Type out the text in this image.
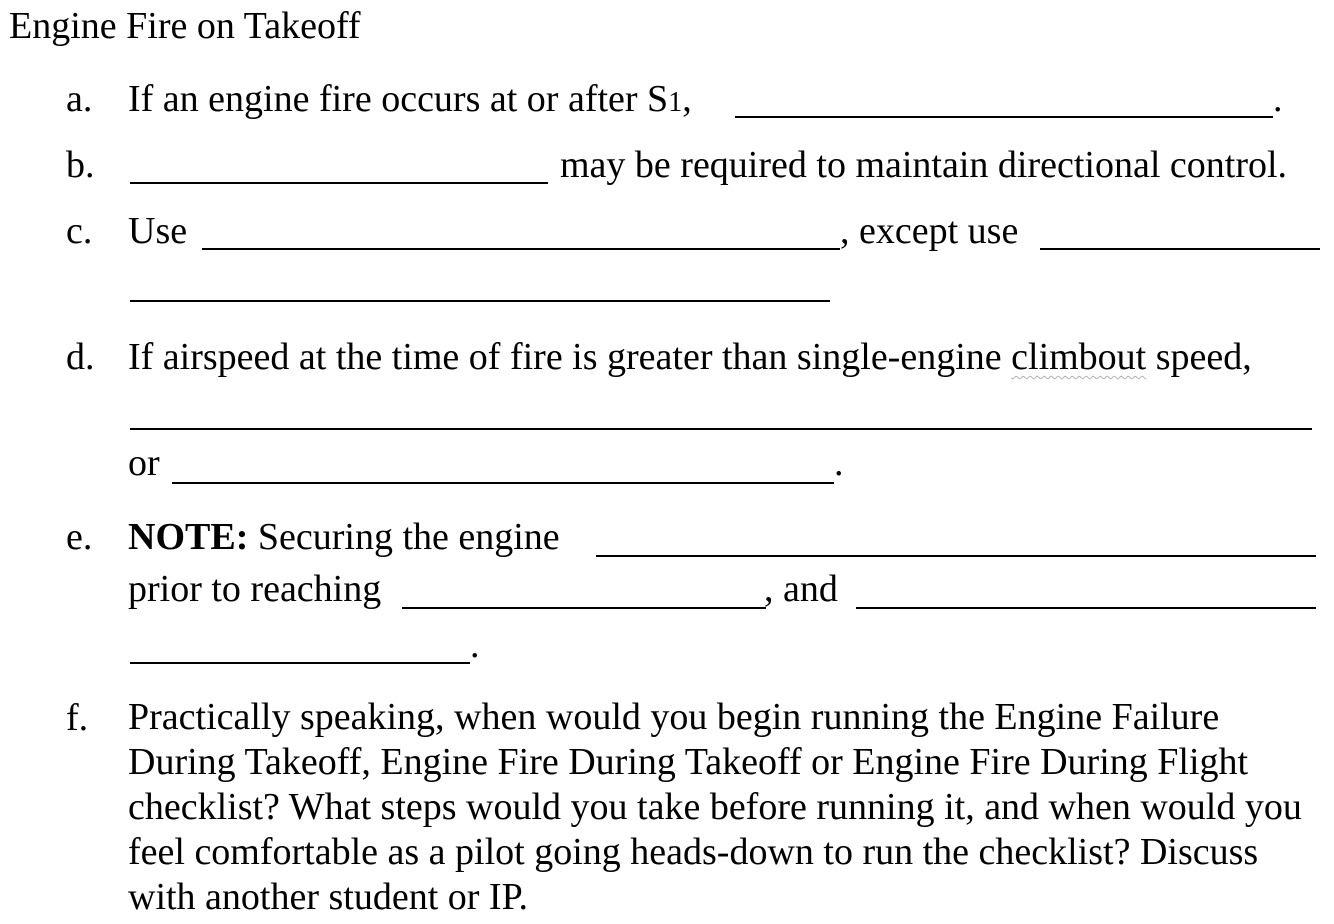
Engine Fire on Takeoff
a. If an engine fire occurs at or after S1,	.
b.	may be required to maintain directional control.
c. Use	, except use
d. If airspeed at the time of fire is greater than single-engine climbout speed,
or	.
e. NOTE: Securing the engine
prior to reaching	, and
.
f.	Practically speaking, when would you begin running the Engine Failure During Takeoff, Engine Fire During Takeoff or Engine Fire During Flight checklist? What steps would you take before running it, and when would you feel comfortable as a pilot going heads-down to run the checklist? Discuss with another student or IP.
